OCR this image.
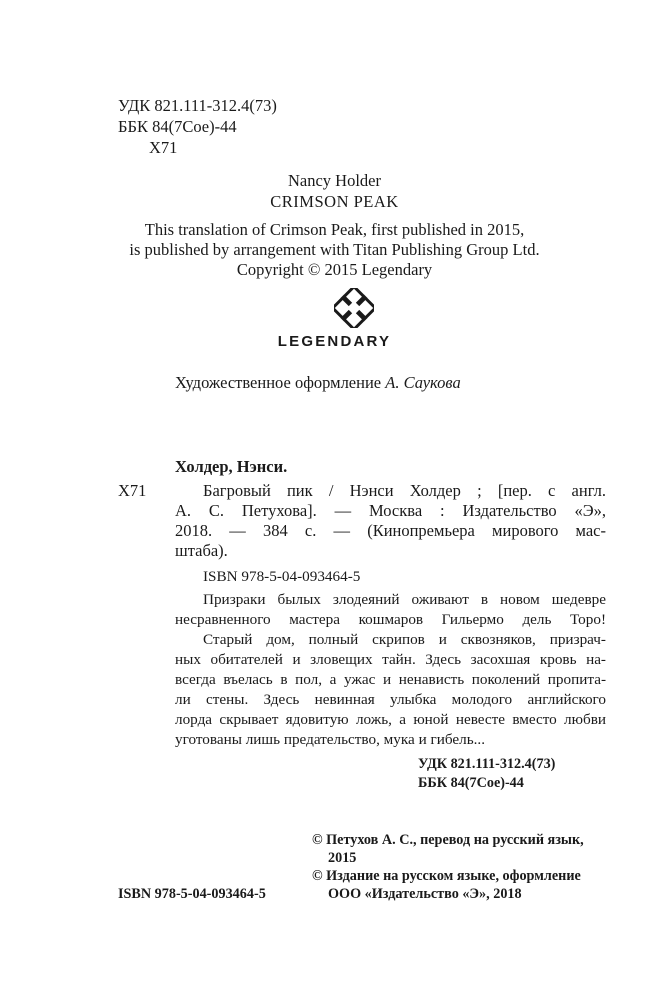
УДК 821.111-312.4(73)
ББК 84(7Сое)-44
Х71
Nancy Holder
CRIMSON PEAK
This translation of Crimson Peak, first published in 2015,
is published by arrangement with Titan Publishing Group Ltd.
Copyright © 2015 Legendary
LEGENDARY
Художественное оформление А. Саукова
Холдер, Нэнси.
Х71	Багровый пик / Нэнси Холдер ; [пер. с англ.
А. С. Петухова]. — Москва : Издательство «Э»,
2018. — 384 с. — (Кинопремьера мирового мас-
штаба).
ISBN 978-5-04-093464-5
Призраки былых злодеяний оживают в новом шедевре
несравненного мастера кошмаров Гильермо дель Торо!
Старый дом, полный скрипов и сквозняков, призрач-
ных обитателей и зловещих тайн. Здесь засохшая кровь на-
всегда въелась в пол, а ужас и ненависть поколений пропита-
ли стены. Здесь невинная улыбка молодого английского
лорда скрывает ядовитую ложь, а юной невесте вместо любви
уготованы лишь предательство, мука и гибель...
УДК 821.111-312.4(73)
ББК 84(7Сое)-44
© Петухов А. С., перевод на русский язык,
2015
© Издание на русском языке, оформление
ISBN 978-5-04-093464-5	ООО «Издательство «Э», 2018
